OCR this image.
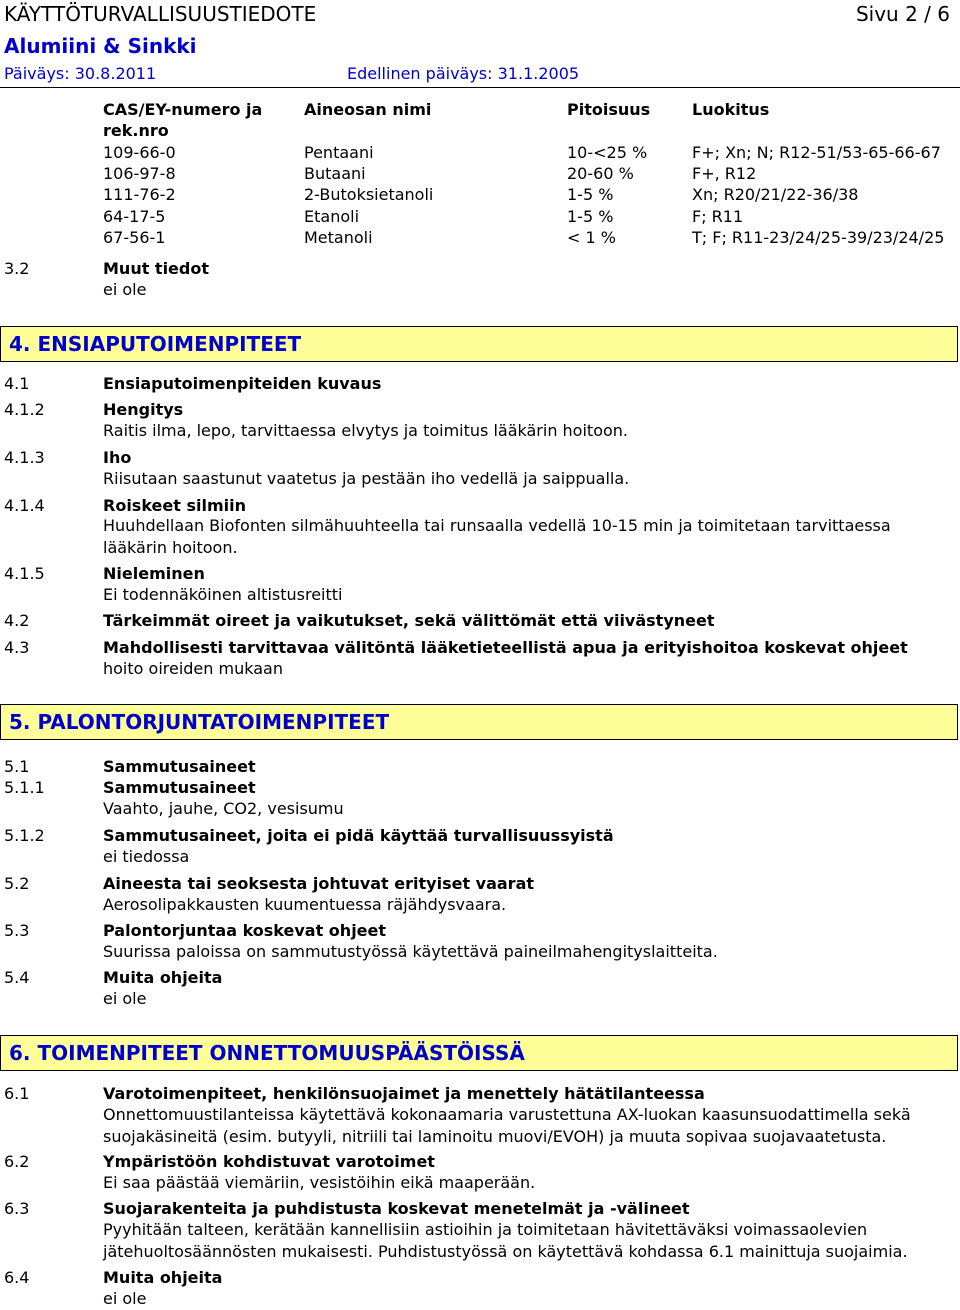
KÄYTTÖTURVALLISUUSTIEDOTE	Sivu 2 / 6
Alumiini & Sinkki
Päiväys: 30.8.2011	Edellinen päiväys: 31.1.2005
CAS/EY-numero ja	Aineosan nimi	Pitoisuus	Luokitus
rek.nro
109-66-0	Pentaani	10-<25 %	F+; Xn; N; R12-51/53-65-66-67
106-97-8	Butaani	20-60 %	F+, R12
111-76-2	2-Butoksietanoli	1-5 %	Xn; R20/21/22-36/38
64-17-5	Etanoli	1-5 %	F; R11
67-56-1	Metanoli	< 1 %	T; F; R11-23/24/25-39/23/24/25
3.2	Muut tiedot
ei ole
4. ENSIAPUTOIMENPITEET
4.1	Ensiaputoimenpiteiden kuvaus
4.1.2	Hengitys
Raitis ilma, lepo, tarvittaessa elvytys ja toimitus lääkärin hoitoon.
4.1.3	Iho
Riisutaan saastunut vaatetus ja pestään iho vedellä ja saippualla.
4.1.4	Roiskeet silmiin
Huuhdellaan Biofonten silmähuuhteella tai runsaalla vedellä 10-15 min ja toimitetaan tarvittaessa lääkärin hoitoon.
4.1.5	Nieleminen
Ei todennäköinen altistusreitti
4.2	Tärkeimmät oireet ja vaikutukset, sekä välittömät että viivästyneet
4.3	Mahdollisesti tarvittavaa välitöntä lääketieteellistä apua ja erityishoitoa koskevat ohjeet
hoito oireiden mukaan
5. PALONTORJUNTATOIMENPITEET
5.1	Sammutusaineet
5.1.1	Sammutusaineet
Vaahto, jauhe, CO2, vesisumu
5.1.2	Sammutusaineet, joita ei pidä käyttää turvallisuussyistä
ei tiedossa
5.2	Aineesta tai seoksesta johtuvat erityiset vaarat
Aerosolipakkausten kuumentuessa räjähdysvaara.
5.3	Palontorjuntaa koskevat ohjeet
Suurissa paloissa on sammutustyössä käytettävä paineilmahengityslaitteita.
5.4	Muita ohjeita
ei ole
6. TOIMENPITEET ONNETTOMUUSPÄÄSTÖISSÄ
6.1	Varotoimenpiteet, henkilönsuojaimet ja menettely hätätilanteessa
Onnettomuustilanteissa käytettävä kokonaamaria varustettuna AX-luokan kaasunsuodattimella sekä suojakäsineitä (esim. butyyli, nitriili tai laminoitu muovi/EVOH) ja muuta sopivaa suojavaatetusta.
6.2	Ympäristöön kohdistuvat varotoimet
Ei saa päästää viemäriin, vesistöihin eikä maaperään.
6.3	Suojarakenteita ja puhdistusta koskevat menetelmät ja -välineet
Pyyhitään talteen, kerätään kannellisiin astioihin ja toimitetaan hävitettäväksi voimassaolevien jätehuoltosäännösten mukaisesti. Puhdistustyössä on käytettävä kohdassa 6.1 mainittuja suojaimia.
6.4	Muita ohjeita
ei ole
